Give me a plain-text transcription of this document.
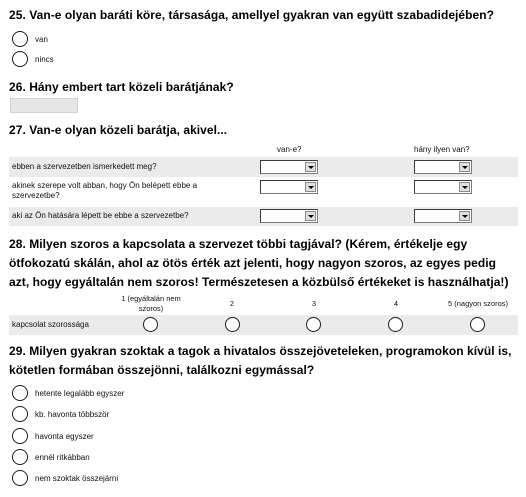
25. Van-e olyan baráti köre, társasága, amellyel gyakran van együtt szabadidejében?
van
nincs
26. Hány embert tart közeli barátjának?
27. Van-e olyan közeli barátja, akivel...
van-e?	hány ilyen van?
ebben a szervezetben ismerkedett meg?
akinek szerepe volt abban, hogy Ön belépett ebbe a szervezetbe?
aki az Ön hatására lépett be ebbe a szervezetbe?
28. Milyen szoros a kapcsolata a szervezet többi tagjával? (Kérem, értékelje egy
ötfokozatú skálán, ahol az ötös érték azt jelenti, hogy nagyon szoros, az egyes pedig
azt, hogy egyáltalán nem szoros! Természetesen a közbülső értékeket is használhatja!)
1 (egyáltalán nem szoros)
2	3	4	5 (nagyon szoros)
kapcsolat szorossága
29. Milyen gyakran szoktak a tagok a hivatalos összejöveteleken, programokon kívül is,
kötetlen formában összejönni, találkozni egymással?
hetente legalább egyszer
kb. havonta többször
havonta egyszer
ennél ritkábban
nem szoktak összejárni
